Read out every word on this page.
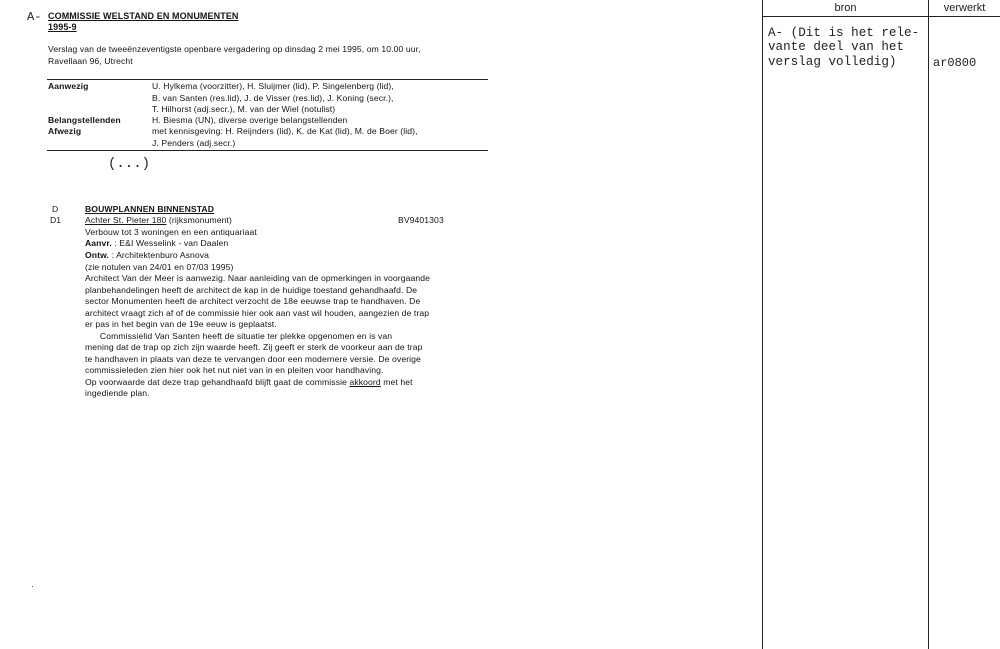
A- COMMISSIE WELSTAND EN MONUMENTEN
1995-9
Verslag van de tweeënzeventigste openbare vergadering op dinsdag 2 mei 1995, om 10.00 uur,
Ravellaan 96, Utrecht
Aanwezig	U. Hylkema (voorzitter), H. Sluijmer (lid), P. Singelenberg (lid),
B. van Santen (res.lid), J. de Visser (res.lid), J. Koning (secr.),
T. Hilhorst (adj.secr.), M. van der Wiel (notulist)
Belangstellenden	H. Biesma (UN), diverse overige belangstellenden
Afwezig	met kennisgeving: H. Reijnders (lid), K. de Kat (lid), M. de Boer (lid),
J. Penders (adj.secr.)
(...)
D	BOUWPLANNEN BINNENSTAD
D1	Achter St. Pieter 180 (rijksmonument)	BV9401303
Verbouw tot 3 woningen en een antiquariaat
Aanvr. : E&I Wesselink - van Daalen
Ontw. : Architektenburo Asnova
(zie notulen van 24/01 en 07/03 1995)
Architect Van der Meer is aanwezig. Naar aanleiding van de opmerkingen in voorgaande
planbehandelingen heeft de architect de kap in de huidige toestand gehandhaafd. De
sector Monumenten heeft de architect verzocht de 18e eeuwse trap te handhaven. De
architect vraagt zich af of de commissie hier ook aan vast wil houden, aangezien de trap
er pas in het begin van de 19e eeuw is geplaatst.
Commissielid Van Santen heeft de situatie ter plekke opgenomen en is van
mening dat de trap op zich zijn waarde heeft. Zij geeft er sterk de voorkeur aan de trap
te handhaven in plaats van deze te vervangen door een modernere versie. De overige
commissieleden zien hier ook het nut niet van in en pleiten voor handhaving.
Op voorwaarde dat deze trap gehandhaafd blijft gaat de commissie akkoord met het
ingediende plan.
bron	verwerkt
A- (Dit is het rele- vante deel van het verslag volledig)	ar0800
